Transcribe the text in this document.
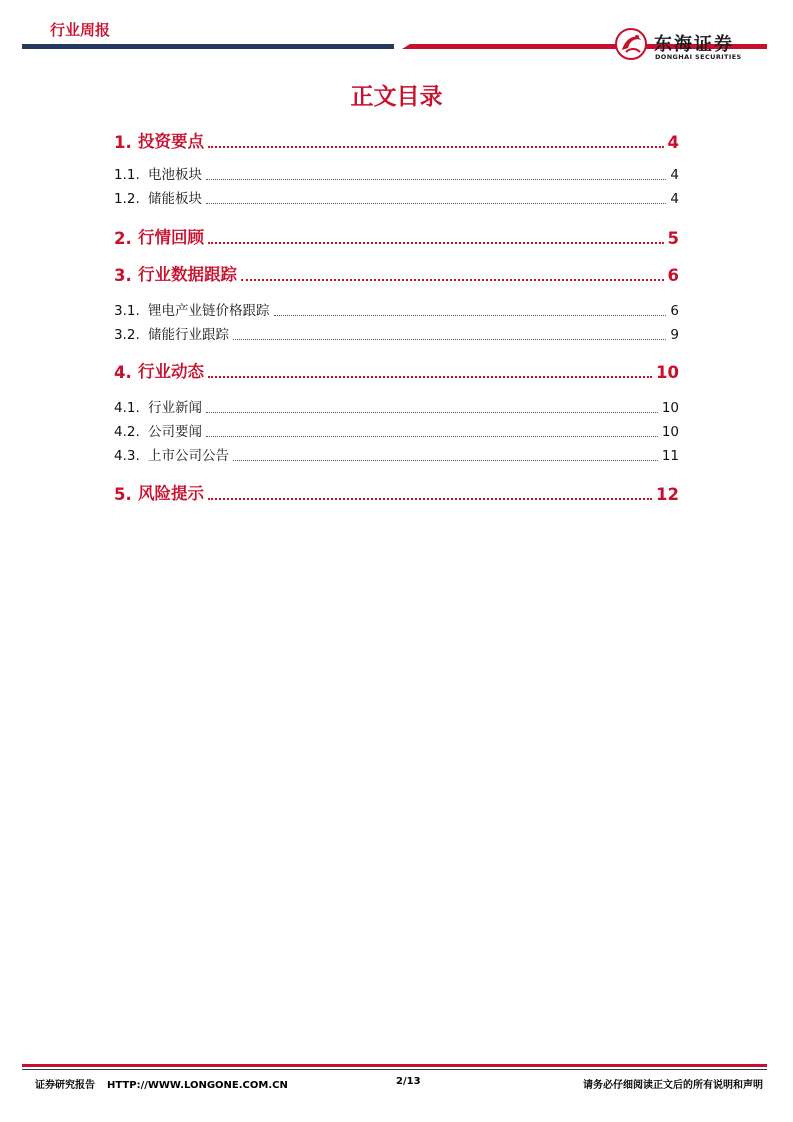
行业周报
东海证券
DONGHAI SECURITIES
正文目录
1. 投资要点	4
1.1. 电池板块	4
1.2. 储能板块	4
2. 行情回顾	5
3. 行业数据跟踪	6
3.1. 锂电产业链价格跟踪	6
3.2. 储能行业跟踪	9
4. 行业动态	10
4.1. 行业新闻	10
4.2. 公司要闻	10
4.3. 上市公司公告	11
5. 风险提示	12
证券研究报告 HTTP://WWW.LONGONE.COM.CN	2/13	请务必仔细阅读正文后的所有说明和声明
